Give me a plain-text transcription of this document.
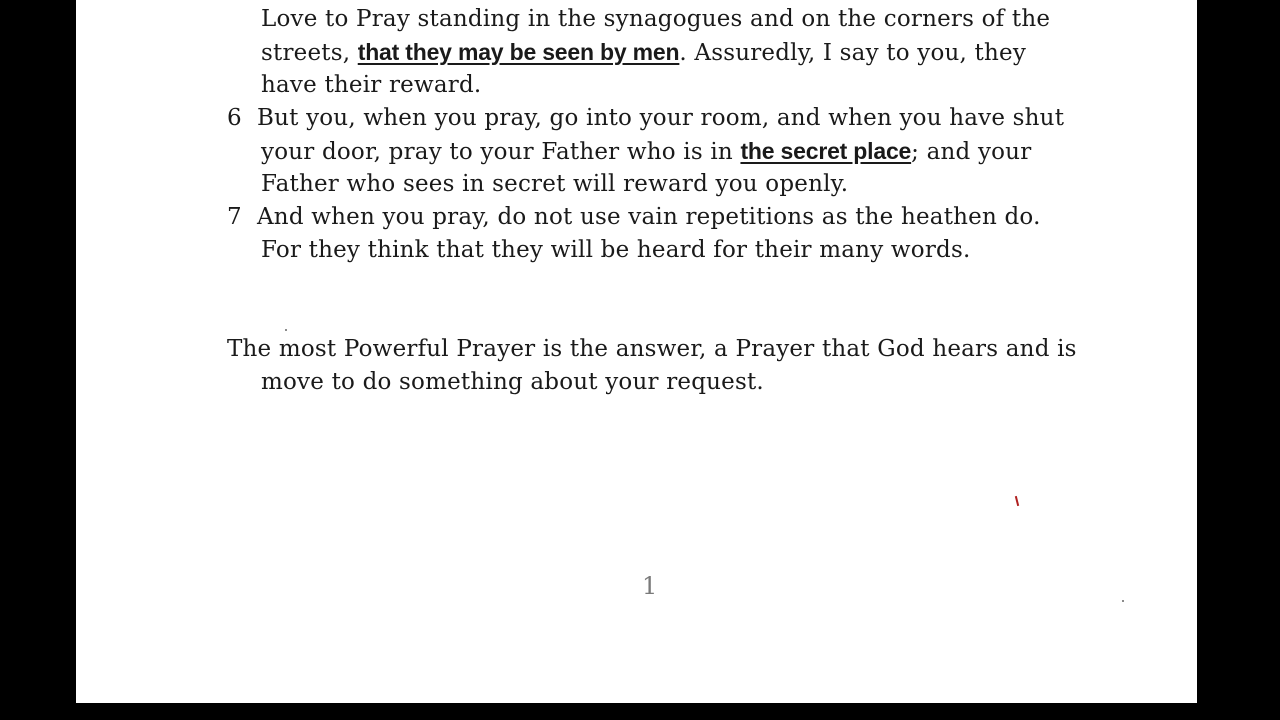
Love to Pray standing in the synagogues and on the corners of the
streets, that they may be seen by men. Assuredly, I say to you, they
have their reward.
6 But you, when you pray, go into your room, and when you have shut
your door, pray to your Father who is in the secret place; and your
Father who sees in secret will reward you openly.
7 And when you pray, do not use vain repetitions as the heathen do.
For they think that they will be heard for their many words.
The most Powerful Prayer is the answer, a Prayer that God hears and is
move to do something about your request.
1
